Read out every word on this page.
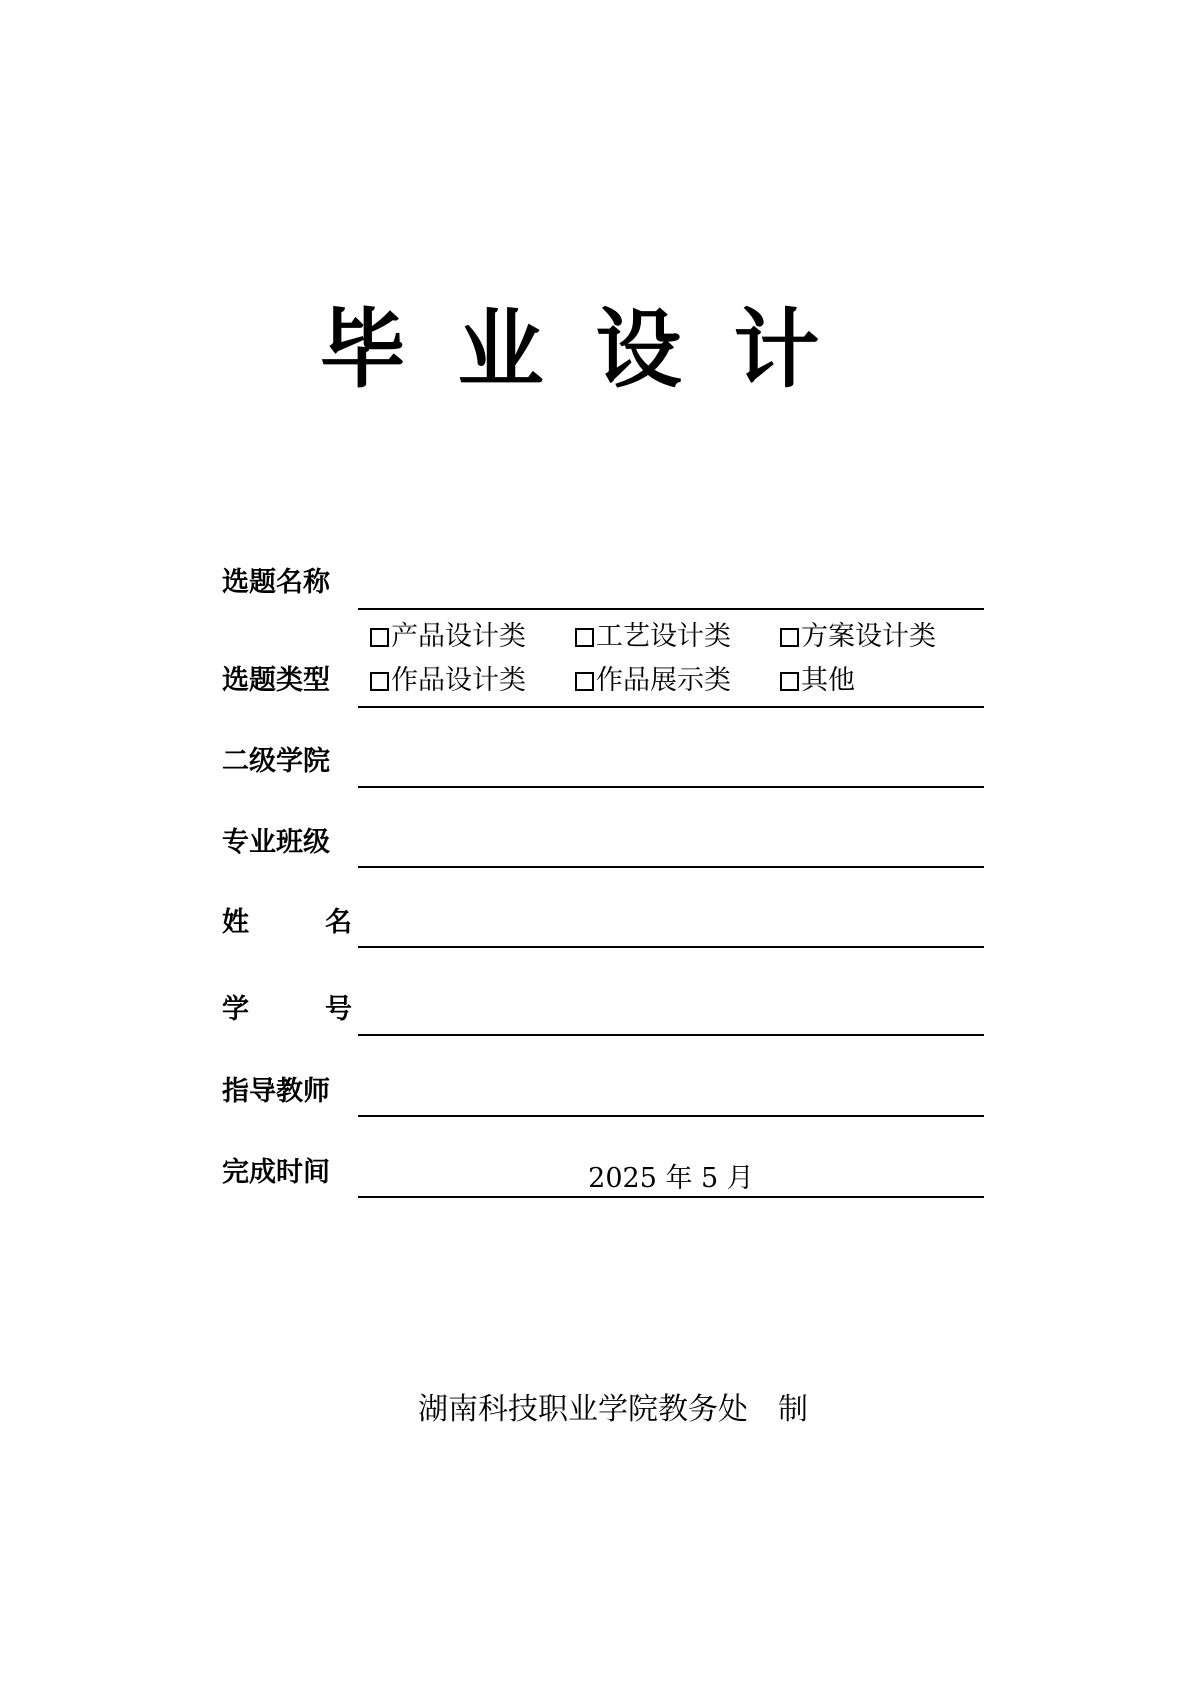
毕业设计
选题名称
产品设计类	工艺设计类	方案设计类
选题类型	作品设计类	作品展示类	其他
二级学院
专业班级
姓	名
学	号
指导教师
完成时间	2025 年 5 月
湖南科技职业学院教务处　制
